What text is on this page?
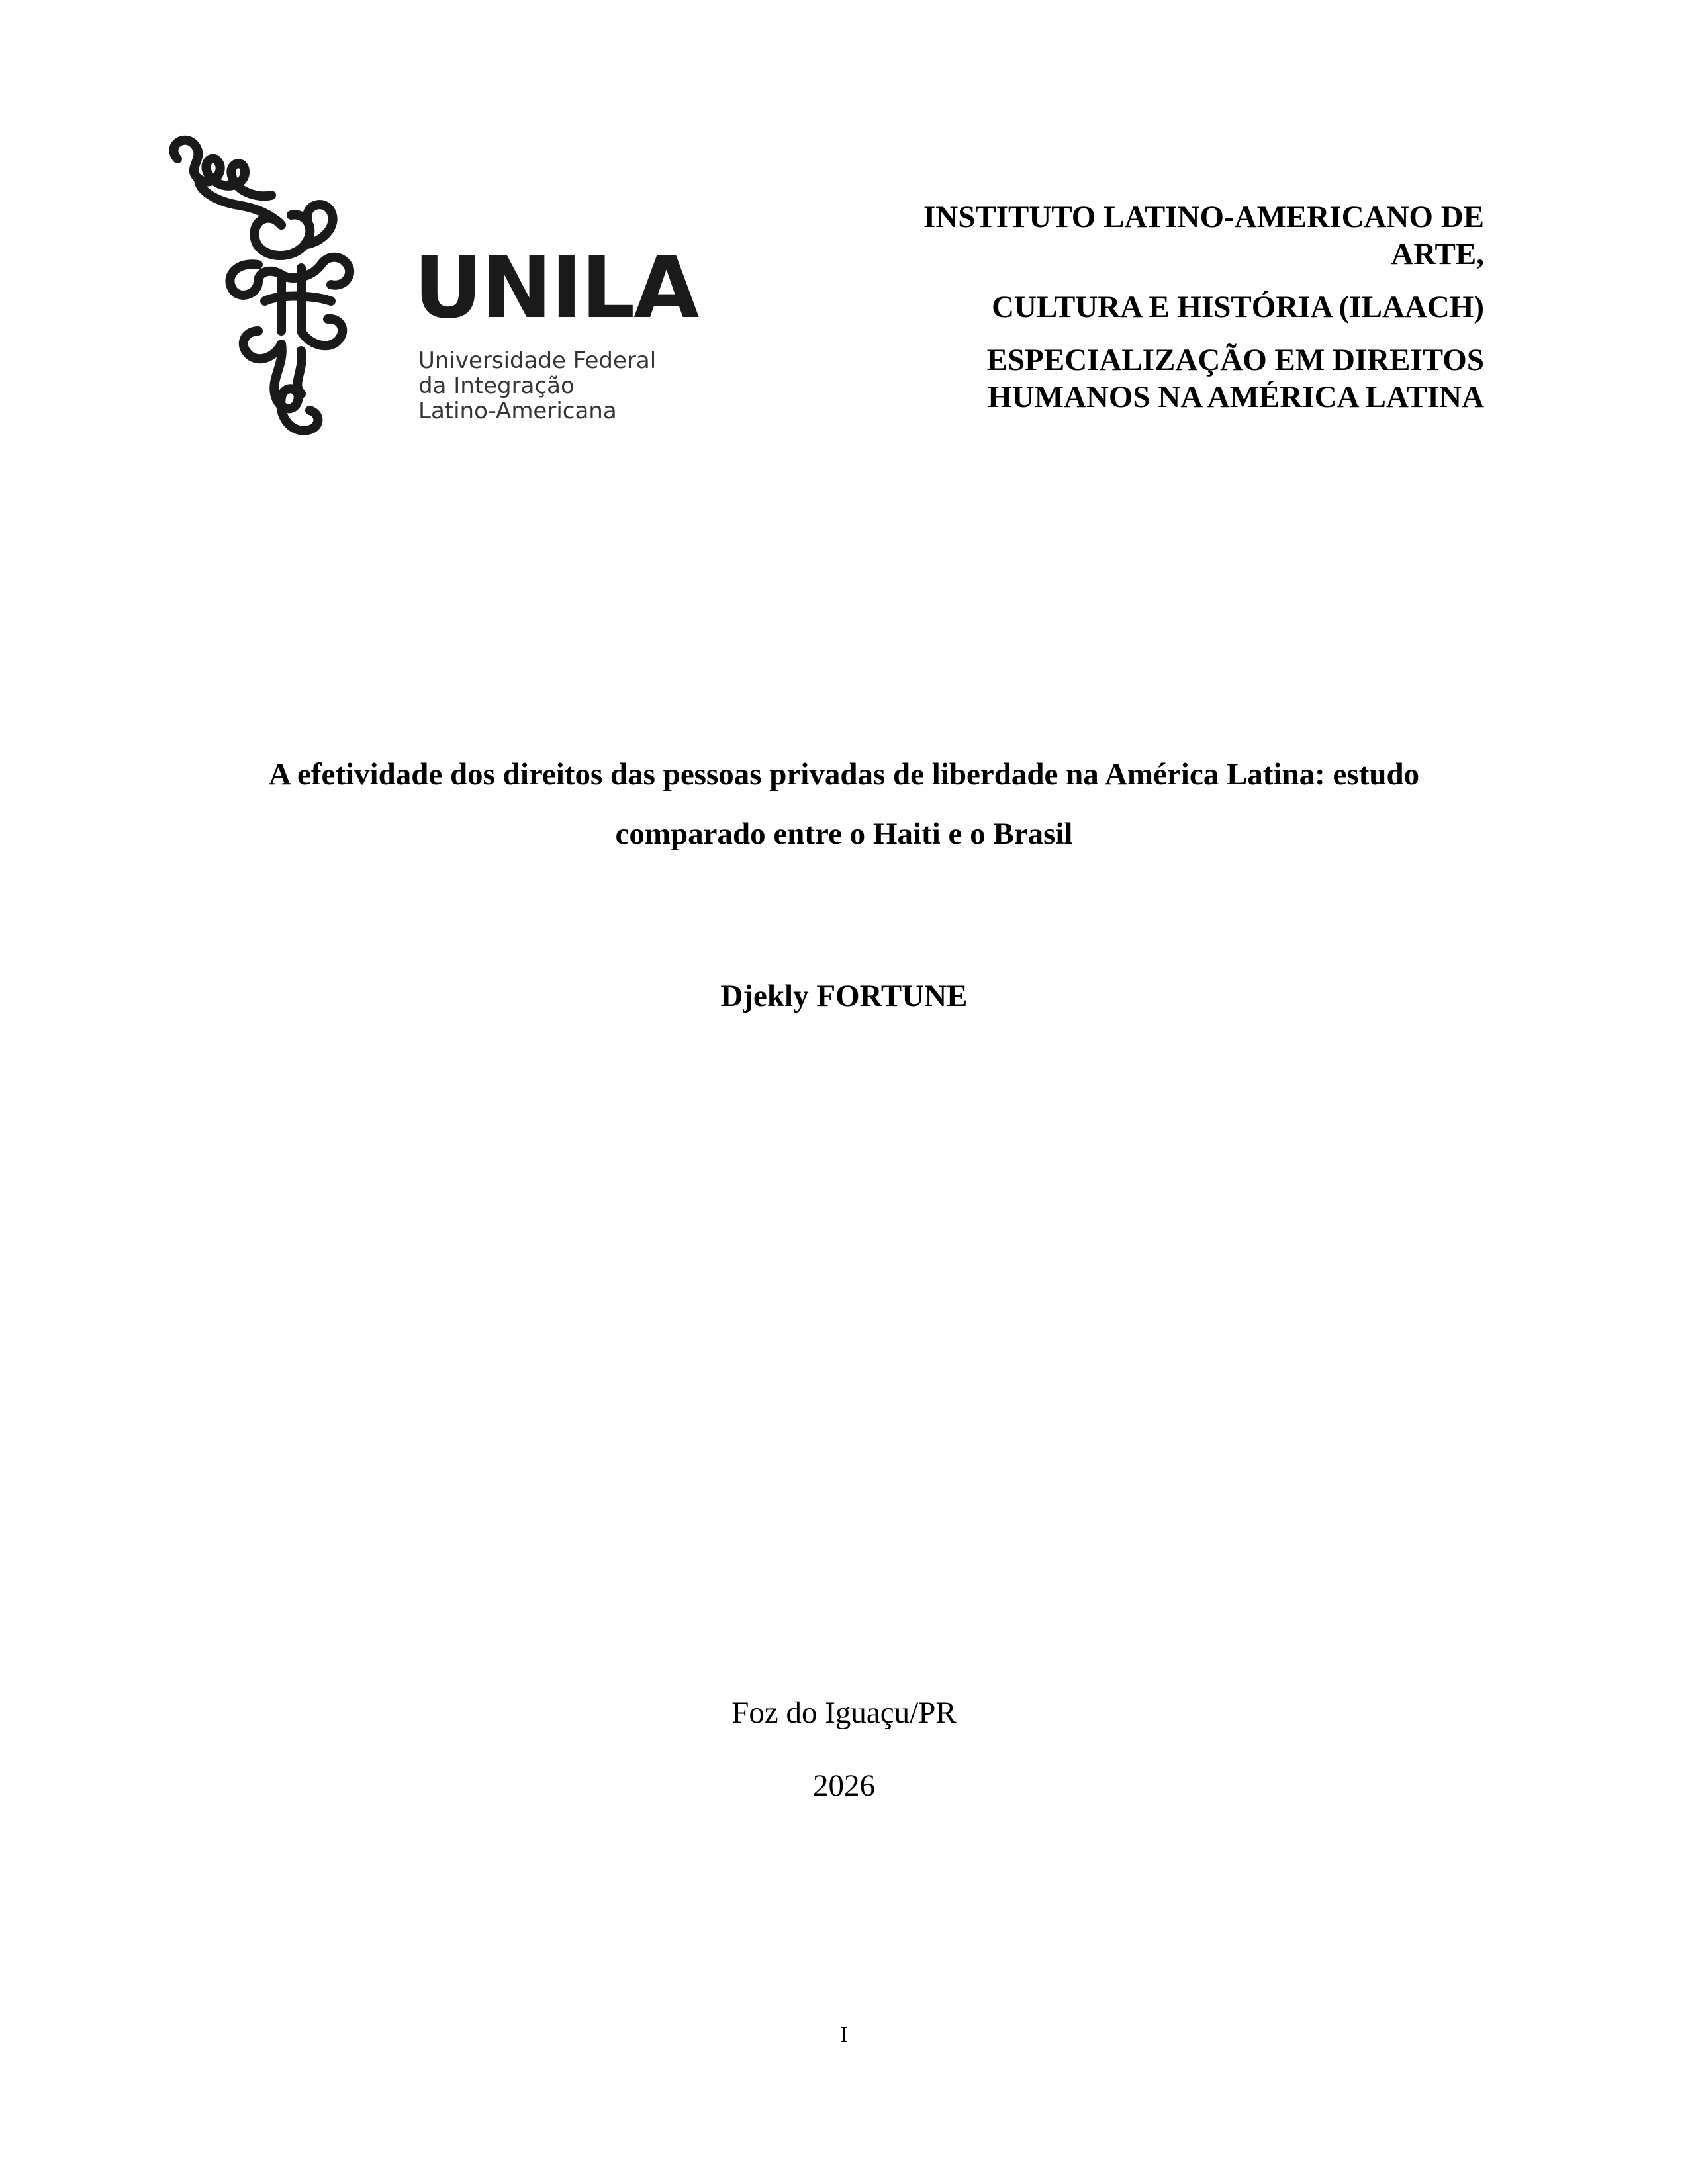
UNILA
Universidade Federal
da Integração
Latino-Americana
INSTITUTO LATINO-AMERICANO DE
ARTE,
CULTURA E HISTÓRIA (ILAACH)
ESPECIALIZAÇÃO EM DIREITOS
HUMANOS NA AMÉRICA LATINA
A efetividade dos direitos das pessoas privadas de liberdade na América Latina: estudo
comparado entre o Haiti e o Brasil
Djekly FORTUNE
Foz do Iguaçu/PR
2026
I
